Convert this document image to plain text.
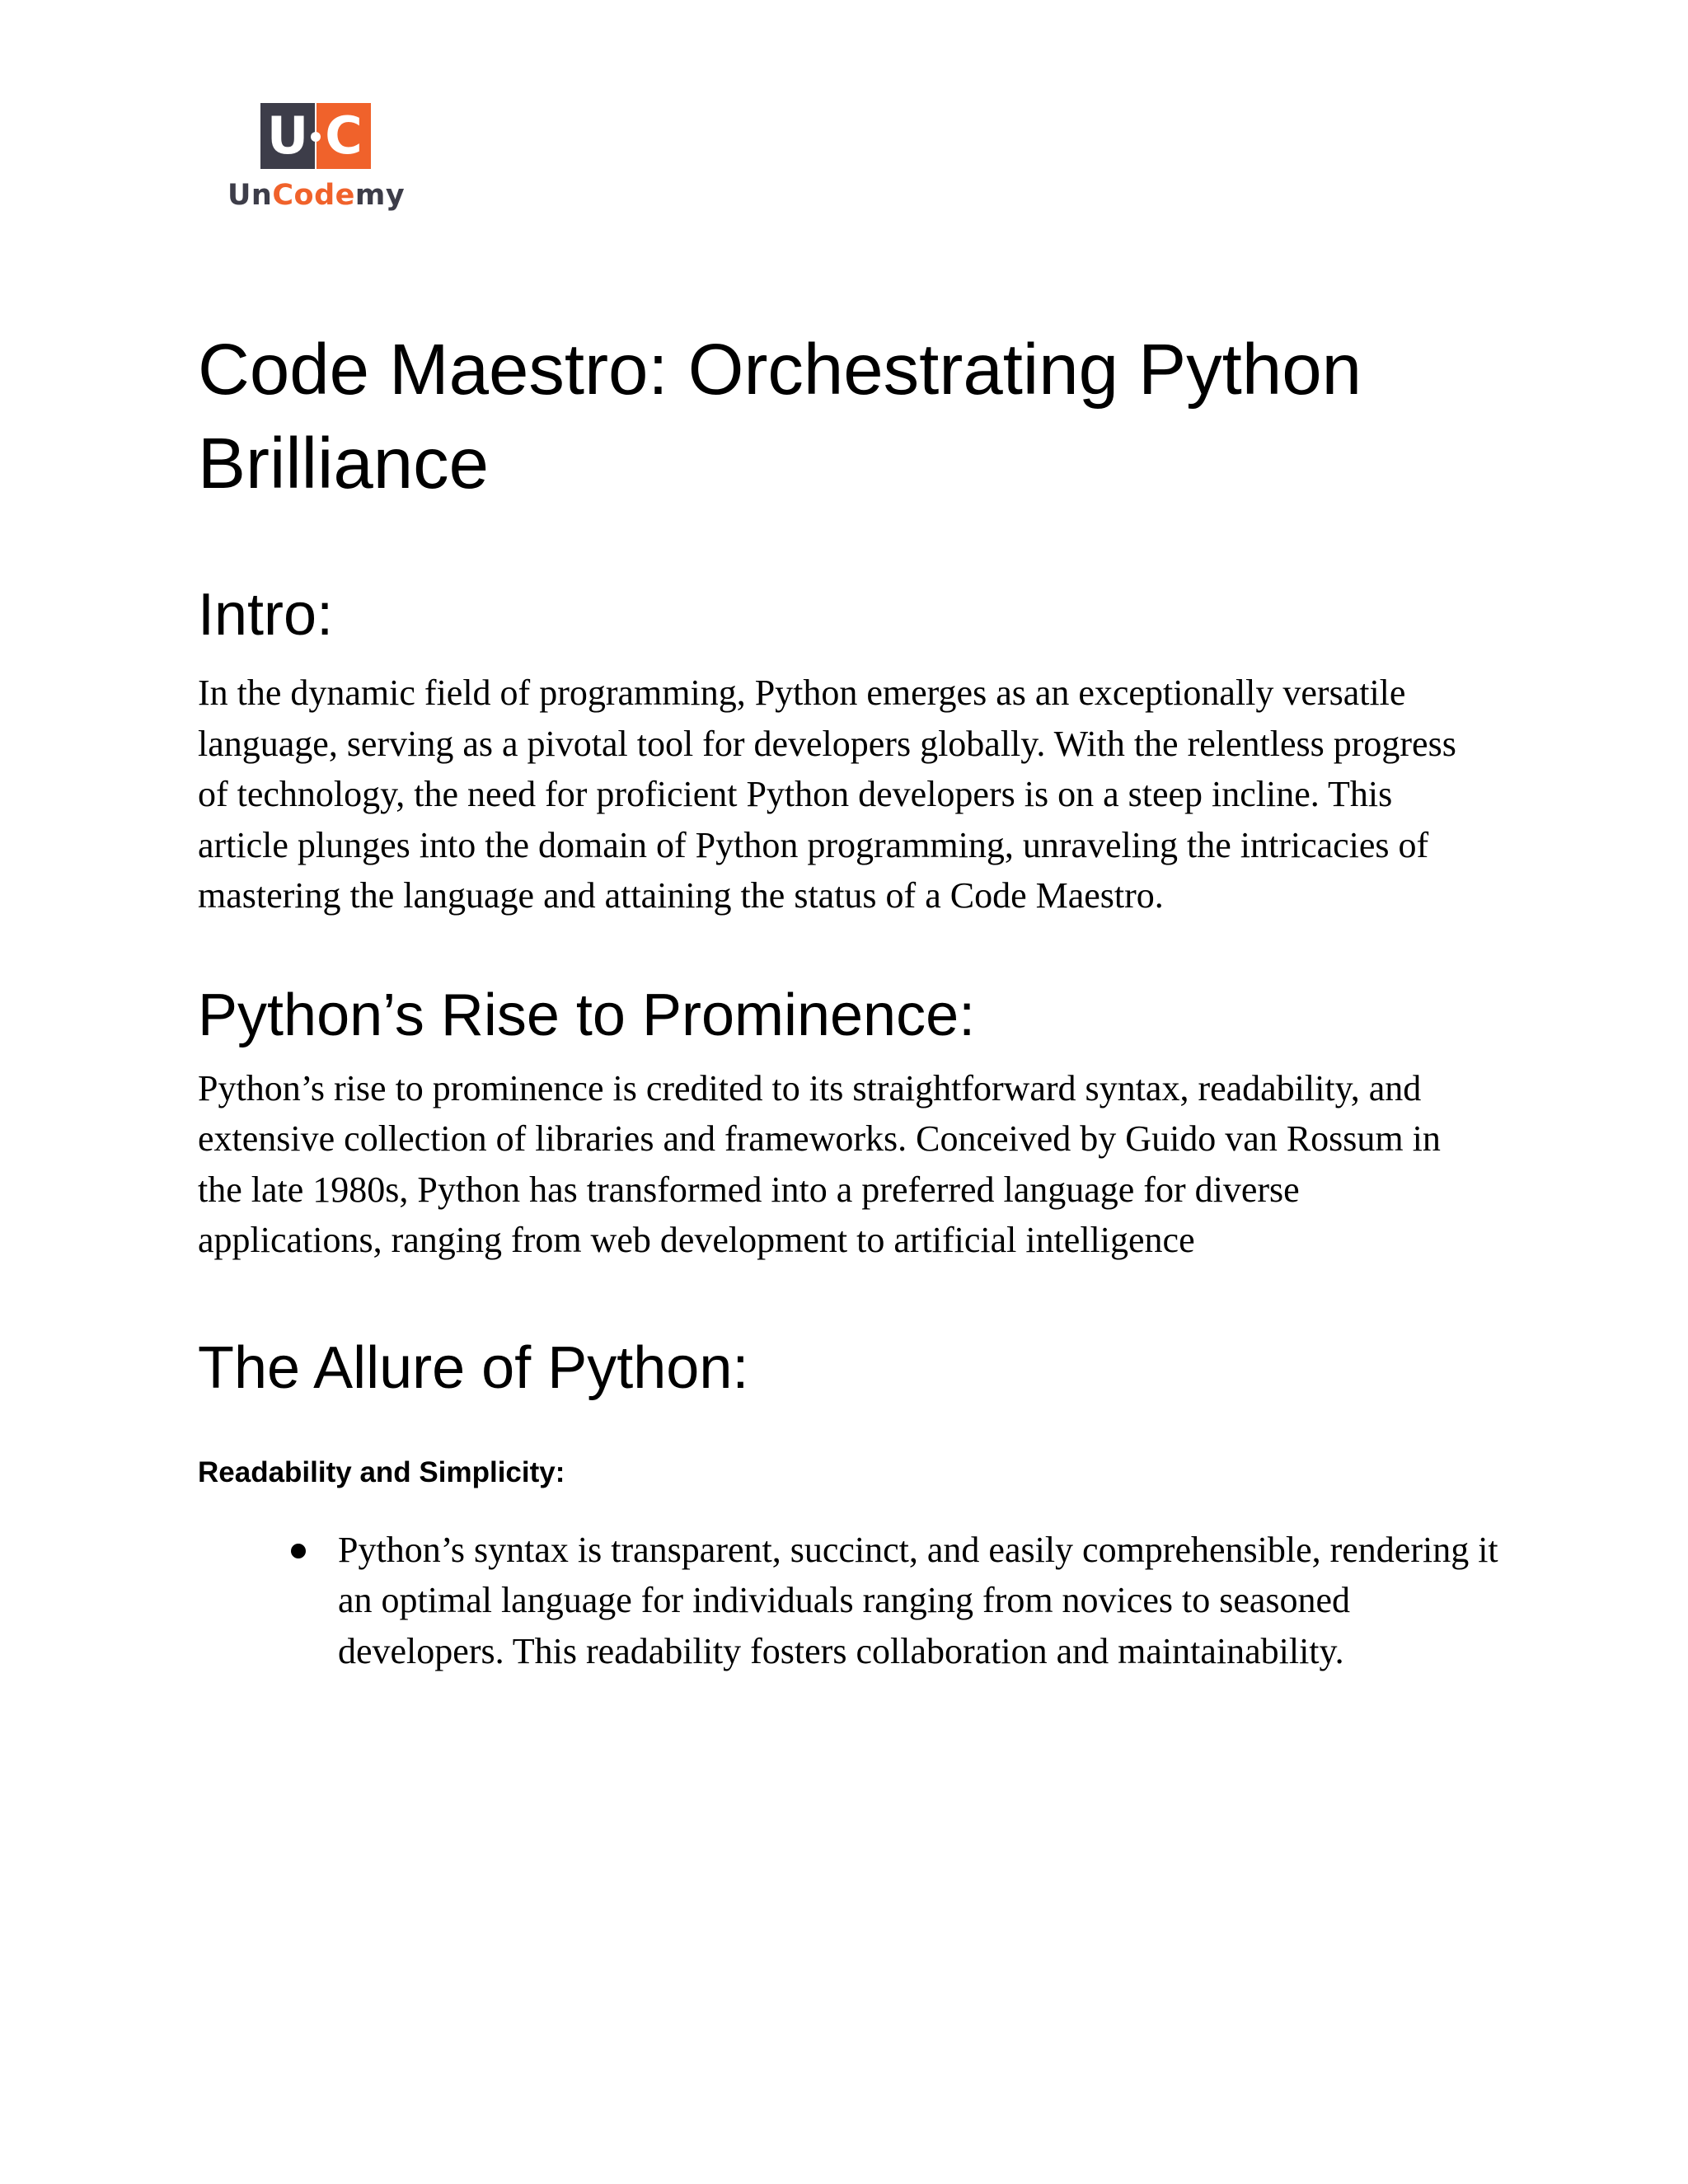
U C
UnCodemy
Code Maestro: Orchestrating Python Brilliance
Intro:

In the dynamic field of programming, Python emerges as an exceptionally versatile language, serving as a pivotal tool for developers globally. With the relentless progress of technology, the need for proficient Python developers is on a steep incline. This article plunges into the domain of Python programming, unraveling the intricacies of mastering the language and attaining the status of a Code Maestro.

Python’s Rise to Prominence:

Python’s rise to prominence is credited to its straightforward syntax, readability, and extensive collection of libraries and frameworks. Conceived by Guido van Rossum in the late 1980s, Python has transformed into a preferred language for diverse applications, ranging from web development to artificial intelligence

The Allure of Python:

Readability and Simplicity:

Python’s syntax is transparent, succinct, and easily comprehensible, rendering it an optimal language for individuals ranging from novices to seasoned developers. This readability fosters collaboration and maintainability.
